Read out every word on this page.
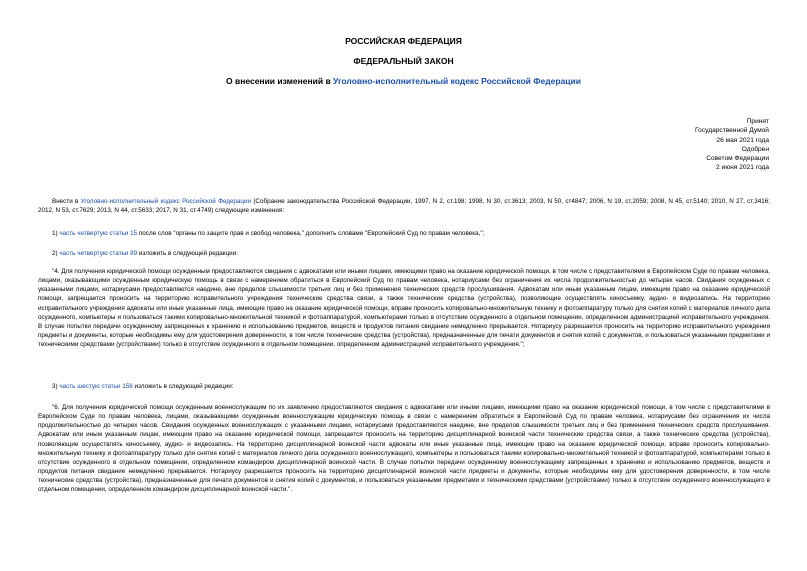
РОССИЙСКАЯ ФЕДЕРАЦИЯ
ФЕДЕРАЛЬНЫЙ ЗАКОН
О внесении изменений в Уголовно-исполнительный кодекс Российской Федерации
Принят
Государственной Думой
26 мая 2021 года
Одобрен
Советом Федерации
2 июня 2021 года
Внести в Уголовно-исполнительный кодекс Российской Федерации (Собрание законодательства Российской Федерации, 1997, N 2, ст.198; 1998, N 30, ст.3613; 2003, N 50, ст4847; 2006, N 19, ст,2059; 2008, N 45, ст.5140; 2010, N 27, ст.3416; 2012, N 53, ст.7629; 2013, N 44, ст.5633; 2017, N 31, ст.4749) следующие изменения:
1) часть четвертую статьи 15 после слов "органы по защите прав и свобод человека," дополнить словами "Европейский Суд по правам человека,";
2) часть четвертую статьи 89 изложить в следующей редакции:
"4. Для получения юридической помощи осужденным предоставляются свидания с адвокатами или иными лицами, имеющими право на оказание юридической помощи, в том числе с представителями в Европейском Суде по правам человека, лицами, оказывающими осужденным юридическую помощь в связи с намерением обратиться в Европейский Суд по правам человека, нотариусами без ограничения их числа продолжительностью до четырех часов. Свидания осужденных с указанными лицами, нотариусами предоставляются наедине, вне пределов слышимости третьих лиц и без применения технических средств прослушивания. Адвокатам или иным указанным лицам, имеющим право на оказание юридической помощи, запрещается проносить на территорию исправительного учреждения технические средства связи, а также технические средства (устройства), позволяющие осуществлять киносъемку, аудио- и видеозапись. На территорию исправительного учреждения адвокаты или иные указанные лица, имеющие право на оказание юридической помощи, вправе проносить копировально-множительную технику и фотоаппаратуру только для снятия копий с материалов личного дела осужденного, компьютеры и пользоваться такими копировально-множительной техникой и фотоаппаратурой, компьютерами только в отсутствие осужденного в отдельном помещении, определенном администрацией исправительного учреждения. В случае попытки передачи осужденному запрещенных к хранению и использованию предметов, веществ и продуктов питания свидание немедленно прерывается. Нотариусу разрешается проносить на территорию исправительного учреждения предметы и документы, которые необходимы ему для удостоверения доверенности, в том числе технические средства (устройства), предназначенные для печати документов и снятия копий с документов, и пользоваться указанными предметами и техническими средствами (устройствами) только в отсутствие осужденного в отдельном помещении, определенном администрацией исправительного учреждения.";
3) часть шестую статьи 158 изложить в следующей редакции:
"6. Для получения юридической помощи осужденным военнослужащим по их заявлению предоставляются свидания с адвокатами или иными лицами, имеющими право на оказание юридической помощи, в том числе с представителями в Европейском Суде по правам человека, лицами, оказывающими осужденным военнослужащим юридическую помощь в связи с намерением обратиться в Европейский Суд по правам человека, нотариусами без ограничения их числа продолжительностью до четырех часов. Свидания осужденных военнослужащих с указанными лицами, нотариусами предоставляются наедине, вне пределов слышимости третьих лиц и без применения технических средств прослушивания. Адвокатам или иным указанным лицам, имеющим право на оказание юридической помощи, запрещается проносить на территорию дисциплинарной воинской части технические средства связи, а также технические средства (устройства), позволяющие осуществлять киносъемку, аудио- и видеозапись. На территорию дисциплинарной воинской части адвокаты или иные указанные лица, имеющие право на оказание юридической помощи, вправе проносить копировально-множительную технику и фотоаппаратуру только для снятия копий с материалов личного дела осужденного военнослужащего, компьютеры и пользоваться такими копировально-множительной техникой и фотоаппаратурой, компьютерами только в отсутствие осужденного в отдельном помещении, определенном командиром дисциплинарной воинской части. В случае попытки передачи осужденному военнослужащему запрещенных к хранению и использованию предметов, веществ и продуктов питания свидание немедленно прерывается. Нотариусу разрешается проносить на территорию дисциплинарной воинской части предметы и документы, которые необходимы ему для удостоверения доверенности, в том числе технические средства (устройства), предназначенные для печати документов и снятия копий с документов, и пользоваться указанными предметами и техническими средствами (устройствами) только в отсутствие осужденного военнослужащего в отдельном помещении, определенном командиром дисциплинарной воинской части.".
